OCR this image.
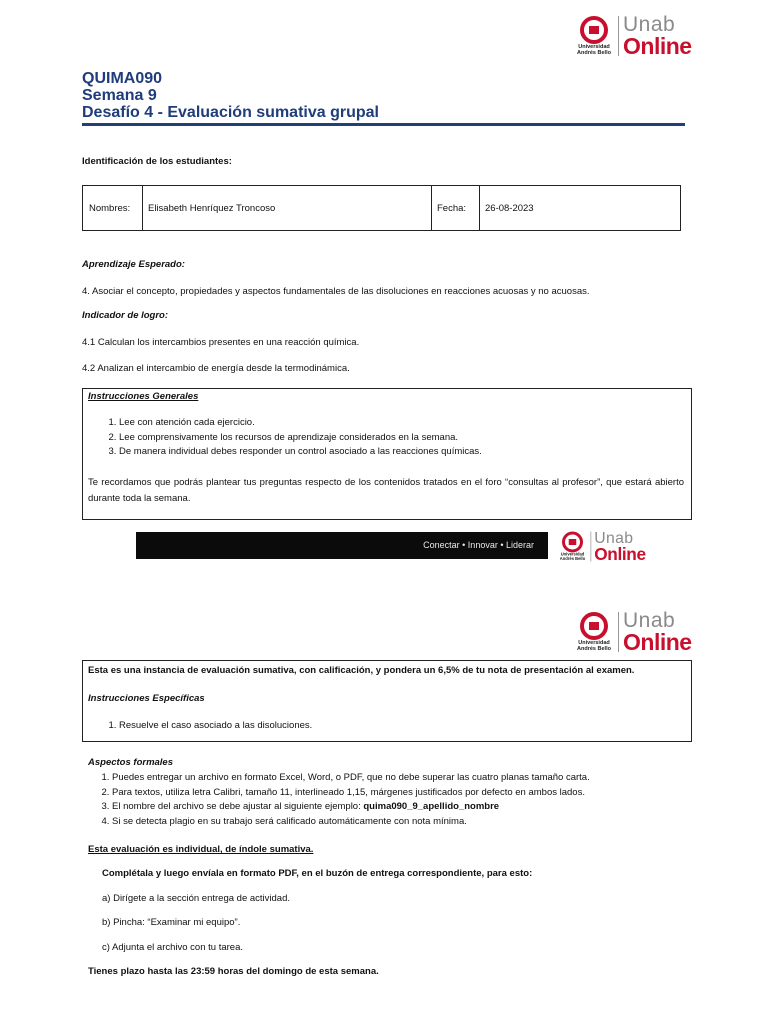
Universidad
Andrés Bello
Unab
Online
QUIMA090
Semana 9
Desafío 4 - Evaluación sumativa grupal
Identificación de los estudiantes:
Nombres: Elisabeth Henríquez Troncoso	Fecha: 26-08-2023
Aprendizaje Esperado:
4. Asociar el concepto, propiedades y aspectos fundamentales de las disoluciones en reacciones acuosas y no acuosas.
Indicador de logro:
4.1 Calculan los intercambios presentes en una reacción química.
4.2 Analizan el intercambio de energía desde la termodinámica.
Instrucciones Generales
1. Lee con atención cada ejercicio.
2. Lee comprensivamente los recursos de aprendizaje considerados en la semana.
3. De manera individual debes responder un control asociado a las reacciones químicas.
Te recordamos que podrás plantear tus preguntas respecto de los contenidos tratados en el foro “consultas al profesor”, que estará abierto durante toda la semana.
Conectar • Innovar • Liderar
Universidad
Andrés Bello
Unab
Online
Universidad
Andrés Bello
Unab
Online
Esta es una instancia de evaluación sumativa, con calificación, y pondera un 6,5% de tu nota de presentación al examen.
Instrucciones Específicas
1. Resuelve el caso asociado a las disoluciones.
Aspectos formales
1. Puedes entregar un archivo en formato Excel, Word, o PDF, que no debe superar las cuatro planas tamaño carta.
2. Para textos, utiliza letra Calibri, tamaño 11, interlineado 1,15, márgenes justificados por defecto en ambos lados.
3. El nombre del archivo se debe ajustar al siguiente ejemplo: quima090_9_apellido_nombre
4. Si se detecta plagio en su trabajo será calificado automáticamente con nota mínima.
Esta evaluación es individual, de índole sumativa.
Complétala y luego envíala en formato PDF, en el buzón de entrega correspondiente, para esto:
a) Dirígete a la sección entrega de actividad.
b) Pincha: “Examinar mi equipo”.
c) Adjunta el archivo con tu tarea.
Tienes plazo hasta las 23:59 horas del domingo de esta semana.
